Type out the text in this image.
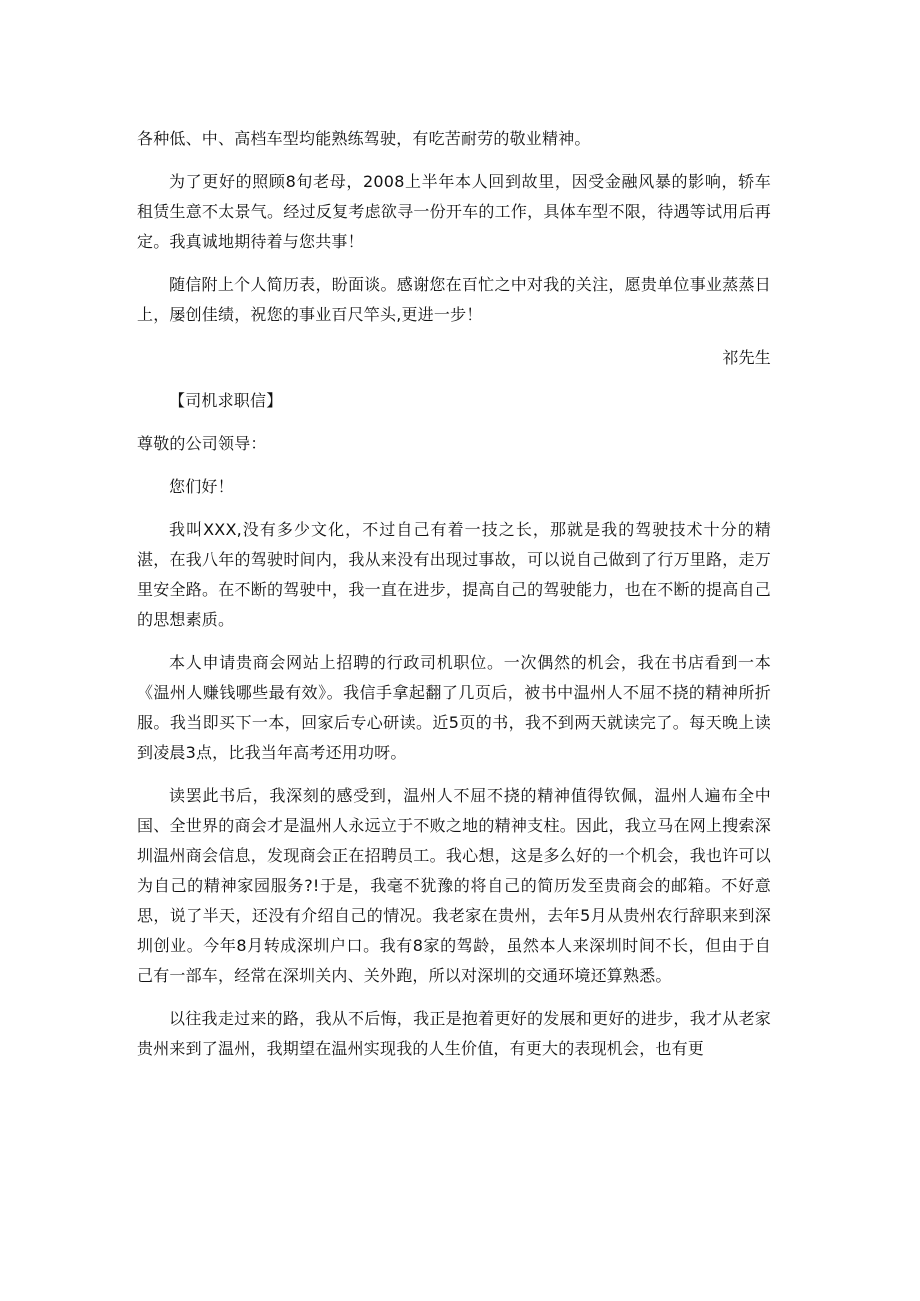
各种低、中、高档车型均能熟练驾驶，有吃苦耐劳的敬业精神。

为了更好的照顾8旬老母，2008上半年本人回到故里，因受金融风暴的影响，轿车租赁生意不太景气。经过反复考虑欲寻一份开车的工作，具体车型不限，待遇等试用后再定。我真诚地期待着与您共事！

随信附上个人简历表，盼面谈。感谢您在百忙之中对我的关注，愿贵单位事业蒸蒸日上，屡创佳绩，祝您的事业百尺竿头,更进一步！

祁先生

【司机求职信】

尊敬的公司领导：

您们好！

我叫XXX,没有多少文化，不过自己有着一技之长，那就是我的驾驶技术十分的精湛，在我八年的驾驶时间内，我从来没有出现过事故，可以说自己做到了行万里路，走万里安全路。在不断的驾驶中，我一直在进步，提高自己的驾驶能力，也在不断的提高自己的思想素质。

本人申请贵商会网站上招聘的行政司机职位。一次偶然的机会，我在书店看到一本《温州人赚钱哪些最有效》。我信手拿起翻了几页后，被书中温州人不屈不挠的精神所折服。我当即买下一本，回家后专心研读。近5页的书，我不到两天就读完了。每天晚上读到凌晨3点，比我当年高考还用功呀。

读罢此书后，我深刻的感受到，温州人不屈不挠的精神值得钦佩，温州人遍布全中国、全世界的商会才是温州人永远立于不败之地的精神支柱。因此，我立马在网上搜索深圳温州商会信息，发现商会正在招聘员工。我心想，这是多么好的一个机会，我也许可以为自己的精神家园服务?!于是，我毫不犹豫的将自己的简历发至贵商会的邮箱。不好意思，说了半天，还没有介绍自己的情况。我老家在贵州，去年5月从贵州农行辞职来到深圳创业。今年8月转成深圳户口。我有8家的驾龄，虽然本人来深圳时间不长，但由于自己有一部车，经常在深圳关内、关外跑，所以对深圳的交通环境还算熟悉。

以往我走过来的路，我从不后悔，我正是抱着更好的发展和更好的进步，我才从老家贵州来到了温州，我期望在温州实现我的人生价值，有更大的表现机会，也有更
